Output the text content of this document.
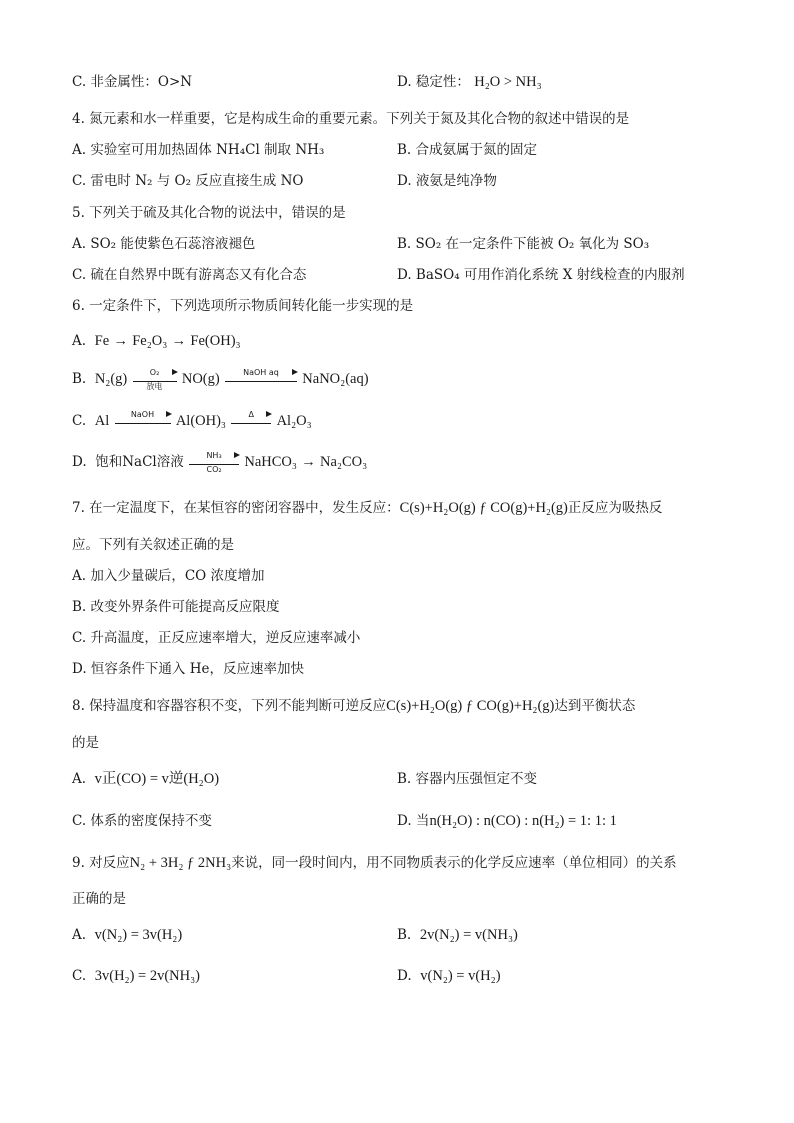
C. 非金属性：O>N	D. 稳定性： H₂O > NH₃
4. 氮元素和水一样重要，它是构成生命的重要元素。下列关于氮及其化合物的叙述中错误的是
A. 实验室可用加热固体 NH₄Cl 制取 NH₃	B. 合成氨属于氮的固定
C. 雷电时 N₂ 与 O₂ 反应直接生成 NO	D. 液氨是纯净物
5. 下列关于硫及其化合物的说法中，错误的是
A. SO₂ 能使紫色石蕊溶液褪色	B. SO₂ 在一定条件下能被 O₂ 氧化为 SO₃
C. 硫在自然界中既有游离态又有化合态	D. BaSO₄ 可用作消化系统 X 射线检查的内服剂
6. 一定条件下，下列选项所示物质间转化能一步实现的是
A. Fe → Fe₂O₃ → Fe(OH)₃
B. N₂(g)	O₂
放电	NO(g)	NaOH aq	NaNO₂(aq)
C. Al	NaOH	Al(OH)₃	Δ	Al₂O₃
D. 饱和NaCl溶液 $\frac{\text{NH₃}}{\text{CO₂}}$ NaHCO₃ → Na₂CO₃
7. 在一定温度下，在某恒容的密闭容器中，发生反应：C(s)+H₂O(g) ƒ CO(g)+H₂(g)正反应为吸热反
应。下列有关叙述正确的是
A. 加入少量碳后，CO 浓度增加
B. 改变外界条件可能提高反应限度
C. 升高温度，正反应速率增大，逆反应速率减小
D. 恒容条件下通入 He，反应速率加快
8. 保持温度和容器容积不变，下列不能判断可逆反应C(s)+H₂O(g) ƒ CO(g)+H₂(g)达到平衡状态
的是
A. v正(CO) = v逆(H₂O)	B. 容器内压强恒定不变
C. 体系的密度保持不变	D. 当n(H₂O) : n(CO) : n(H₂) = 1: 1: 1
9. 对反应N₂ + 3H₂ ƒ 2NH₃来说，同一段时间内，用不同物质表示的化学反应速率（单位相同）的关系
正确的是
A. v(N₂) = 3v(H₂)	B. 2v(N₂) = v(NH₃)
C. 3v(H₂) = 2v(NH₃)	D. v(N₂) = v(H₂)
